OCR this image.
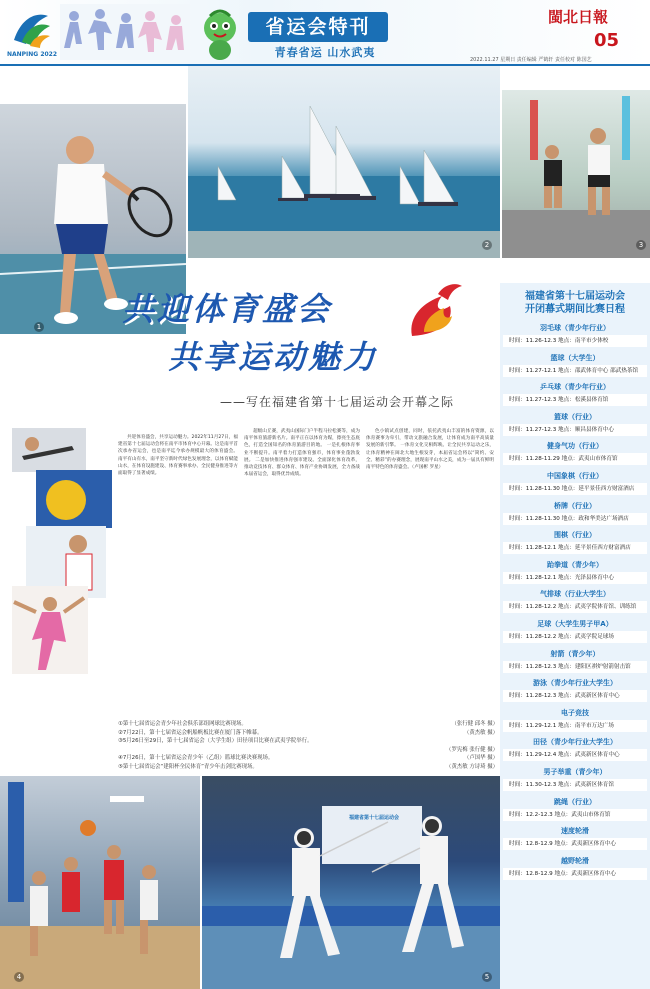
NANPING 2022
省运会特刊
青春省运 山水武夷
閩北日報
05
2022.11.27 星期日 责任编辑 严鹤轩 责任校对 陈国艺
1
2	3
共迎体育盛会
共享运动魅力
——写在福建省第十七届运动会开幕之际
共迎体育盛会，共享运动魅力。2022年11月27日，福建省第十七届运动会将在南平市体育中心开幕。这是南平首次承办省运会，也是南平迄今承办规模最大的体育盛会。 南平有山有水，南平坚守新时代绿色发展理念，以体育赋能山水，在体育设施建设、体育赛事承办、全民健身推进等方面取得了显著成绩。
超级山丘赛，武夷山国际门户半程马拉松赛等，成为南平体育旅游新名片。南平正在以体育为媒，擦亮生态底色，打造全国知名的体育旅游目的地。 一是扎根体育事业不断提升。南平着力打造体育强市，体育事业蓬勃发展。 二是加快推进体育强市建设。全面深化体育改革，推动竞技体育、群众体育、体育产业协调发展，全力备战本届省运会，取得优异成绩。
色小镇试点创建，同时，依托武夷山丰富的体育资源，以体育赛事为牵引，带动文旅融合发展，让体育成为南平高质量发展的新引擎。 一体育文化交相辉映。让全民共享运动之乐，让体育精神在闽北大地生根发芽，本届省运会将以“简约、安全、精彩”的办赛理念，展现南平山水之美，成为一届具有鲜明南平特色的体育盛会。（卢国彬 罗星）
①第十七届省运会青少年社会俱乐部组网球比赛现场。	（张行健 邱冬 摄）
②7月22日，第十七届省运会帆船帆板比赛在厦门落下帷幕。	（黄杰敏 摄）
③5月26日至29日，第十七届省运会（大学生组）田径项目比赛在武夷学院举行。
（罗宪梅 张行健 摄）
④7月26日，第十七届省运会青少年（乙组）篮球比赛决赛现场。	（卢国华 摄）
⑤第十七届省运会“建阳杯全民体育”青少年击剑比赛现场。	（黄杰敏 方诗琦 摄）
福建省第十七届运动会
开闭幕式期间比赛日程
羽毛球（青少年行业）
时间：11.26-12.3 地点：南平市少体校
篮球（大学生）
时间：11.27-12.1 地点：邵武体育中心 邵武热茶馆
乒乓球（青少年行业）
时间：11.27-12.3 地点：松溪县体育馆
篮球（行业）
时间：11.27-12.3 地点：顺昌县体育中心
健身气功（行业）
时间：11.28-11.29 地点：武夷山市体育馆
中国象棋（行业）
时间：11.28-11.30 地点：延平景佳西方财富酒店
桥牌（行业）
时间：11.28-11.30 地点：政和华美达广场酒店
围棋（行业）
时间：11.28-12.1 地点：延平景佳西方财富酒店
跆拳道（青少年）
时间：11.28-12.1 地点：光泽县体育中心
气排球（行业大学生）
时间：11.28-12.2 地点：武夷学院体育馆、训练馆
足球（大学生男子甲A）
时间：11.28-12.2 地点：武夷学院足球场
射箭（青少年）
时间：11.28-12.3 地点：建阳区祺炉射箭射击馆
游泳（青少年行业大学生）
时间：11.28-12.3 地点：武夷新区体育中心
电子竞技
时间：11.29-12.1 地点：南平市万达广场
田径（青少年行业大学生）
时间：11.29-12.4 地点：武夷新区体育中心
男子举重（青少年）
时间：11.30-12.3 地点：武夷新区体育馆
跳绳（行业）
时间：12.2-12.3 地点：武夷山市体育馆
速度轮滑
时间：12.8-12.9 地点：武夷新区体育中心
越野轮滑
时间：12.8-12.9 地点：武夷新区体育中心
4
福建省第十七届运动会
5
